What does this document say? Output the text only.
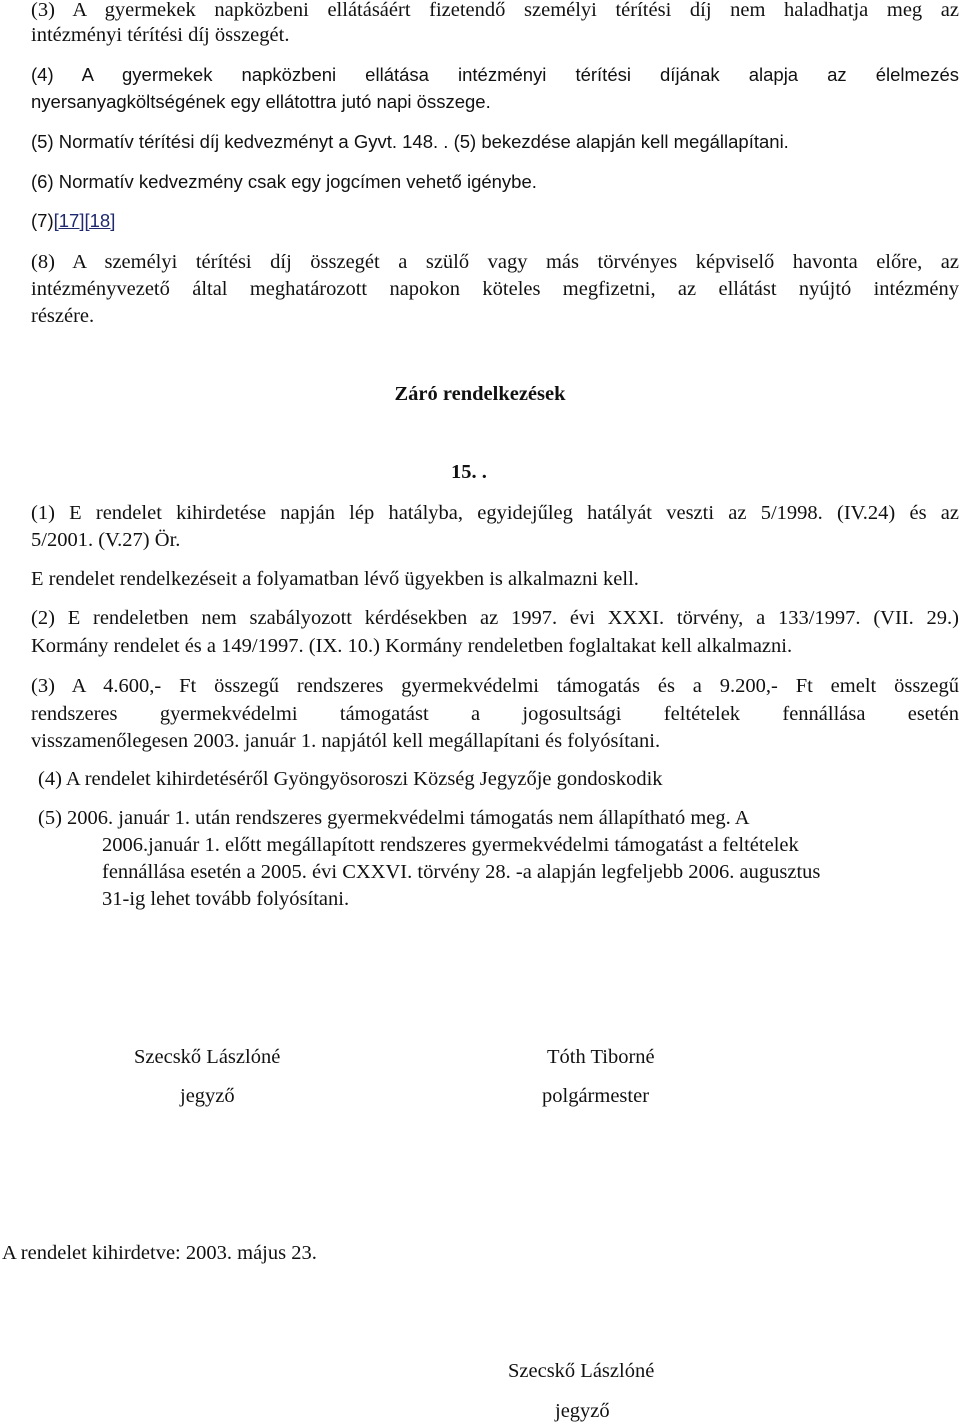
(3) A gyermekek napközbeni ellátásáért fizetendő személyi térítési díj nem haladhatja meg az
intézményi térítési díj összegét.
(4) A gyermekek napközbeni ellátása intézményi térítési díjának alapja az élelmezés
nyersanyagköltségének egy ellátottra jutó napi összege.
(5) Normatív térítési díj kedvezményt a Gyvt. 148. . (5) bekezdése alapján kell megállapítani.
(6) Normatív kedvezmény csak egy jogcímen vehető igénybe.
(7)[17][18]
(8) A személyi térítési díj összegét a szülő vagy más törvényes képviselő havonta előre, az
intézményvezető által meghatározott napokon köteles megfizetni, az ellátást nyújtó intézmény
részére.
Záró rendelkezések
15. .
(1) E rendelet kihirdetése napján lép hatályba, egyidejűleg hatályát veszti az 5/1998. (IV.24) és az
5/2001. (V.27) Ör.
E rendelet rendelkezéseit a folyamatban lévő ügyekben is alkalmazni kell.
(2) E rendeletben nem szabályozott kérdésekben az 1997. évi XXXI. törvény, a 133/1997. (VII. 29.)
Kormány rendelet és a 149/1997. (IX. 10.) Kormány rendeletben foglaltakat kell alkalmazni.
(3) A 4.600,- Ft összegű rendszeres gyermekvédelmi támogatás és a 9.200,- Ft emelt összegű
rendszeres gyermekvédelmi támogatást a jogosultsági feltételek fennállása esetén
visszamenőlegesen 2003. január 1. napjától kell megállapítani és folyósítani.
(4) A rendelet kihirdetéséről Gyöngyösoroszi Község Jegyzője gondoskodik
(5) 2006. január 1. után rendszeres gyermekvédelmi támogatás nem állapítható meg. A
2006.január 1. előtt megállapított rendszeres gyermekvédelmi támogatást a feltételek
fennállása esetén a 2005. évi CXXVI. törvény 28. -a alapján legfeljebb 2006. augusztus
31-ig lehet tovább folyósítani.
Szecskő Lászlóné
jegyző
Tóth Tiborné
polgármester
A rendelet kihirdetve: 2003. május 23.
Szecskő Lászlóné
jegyző
